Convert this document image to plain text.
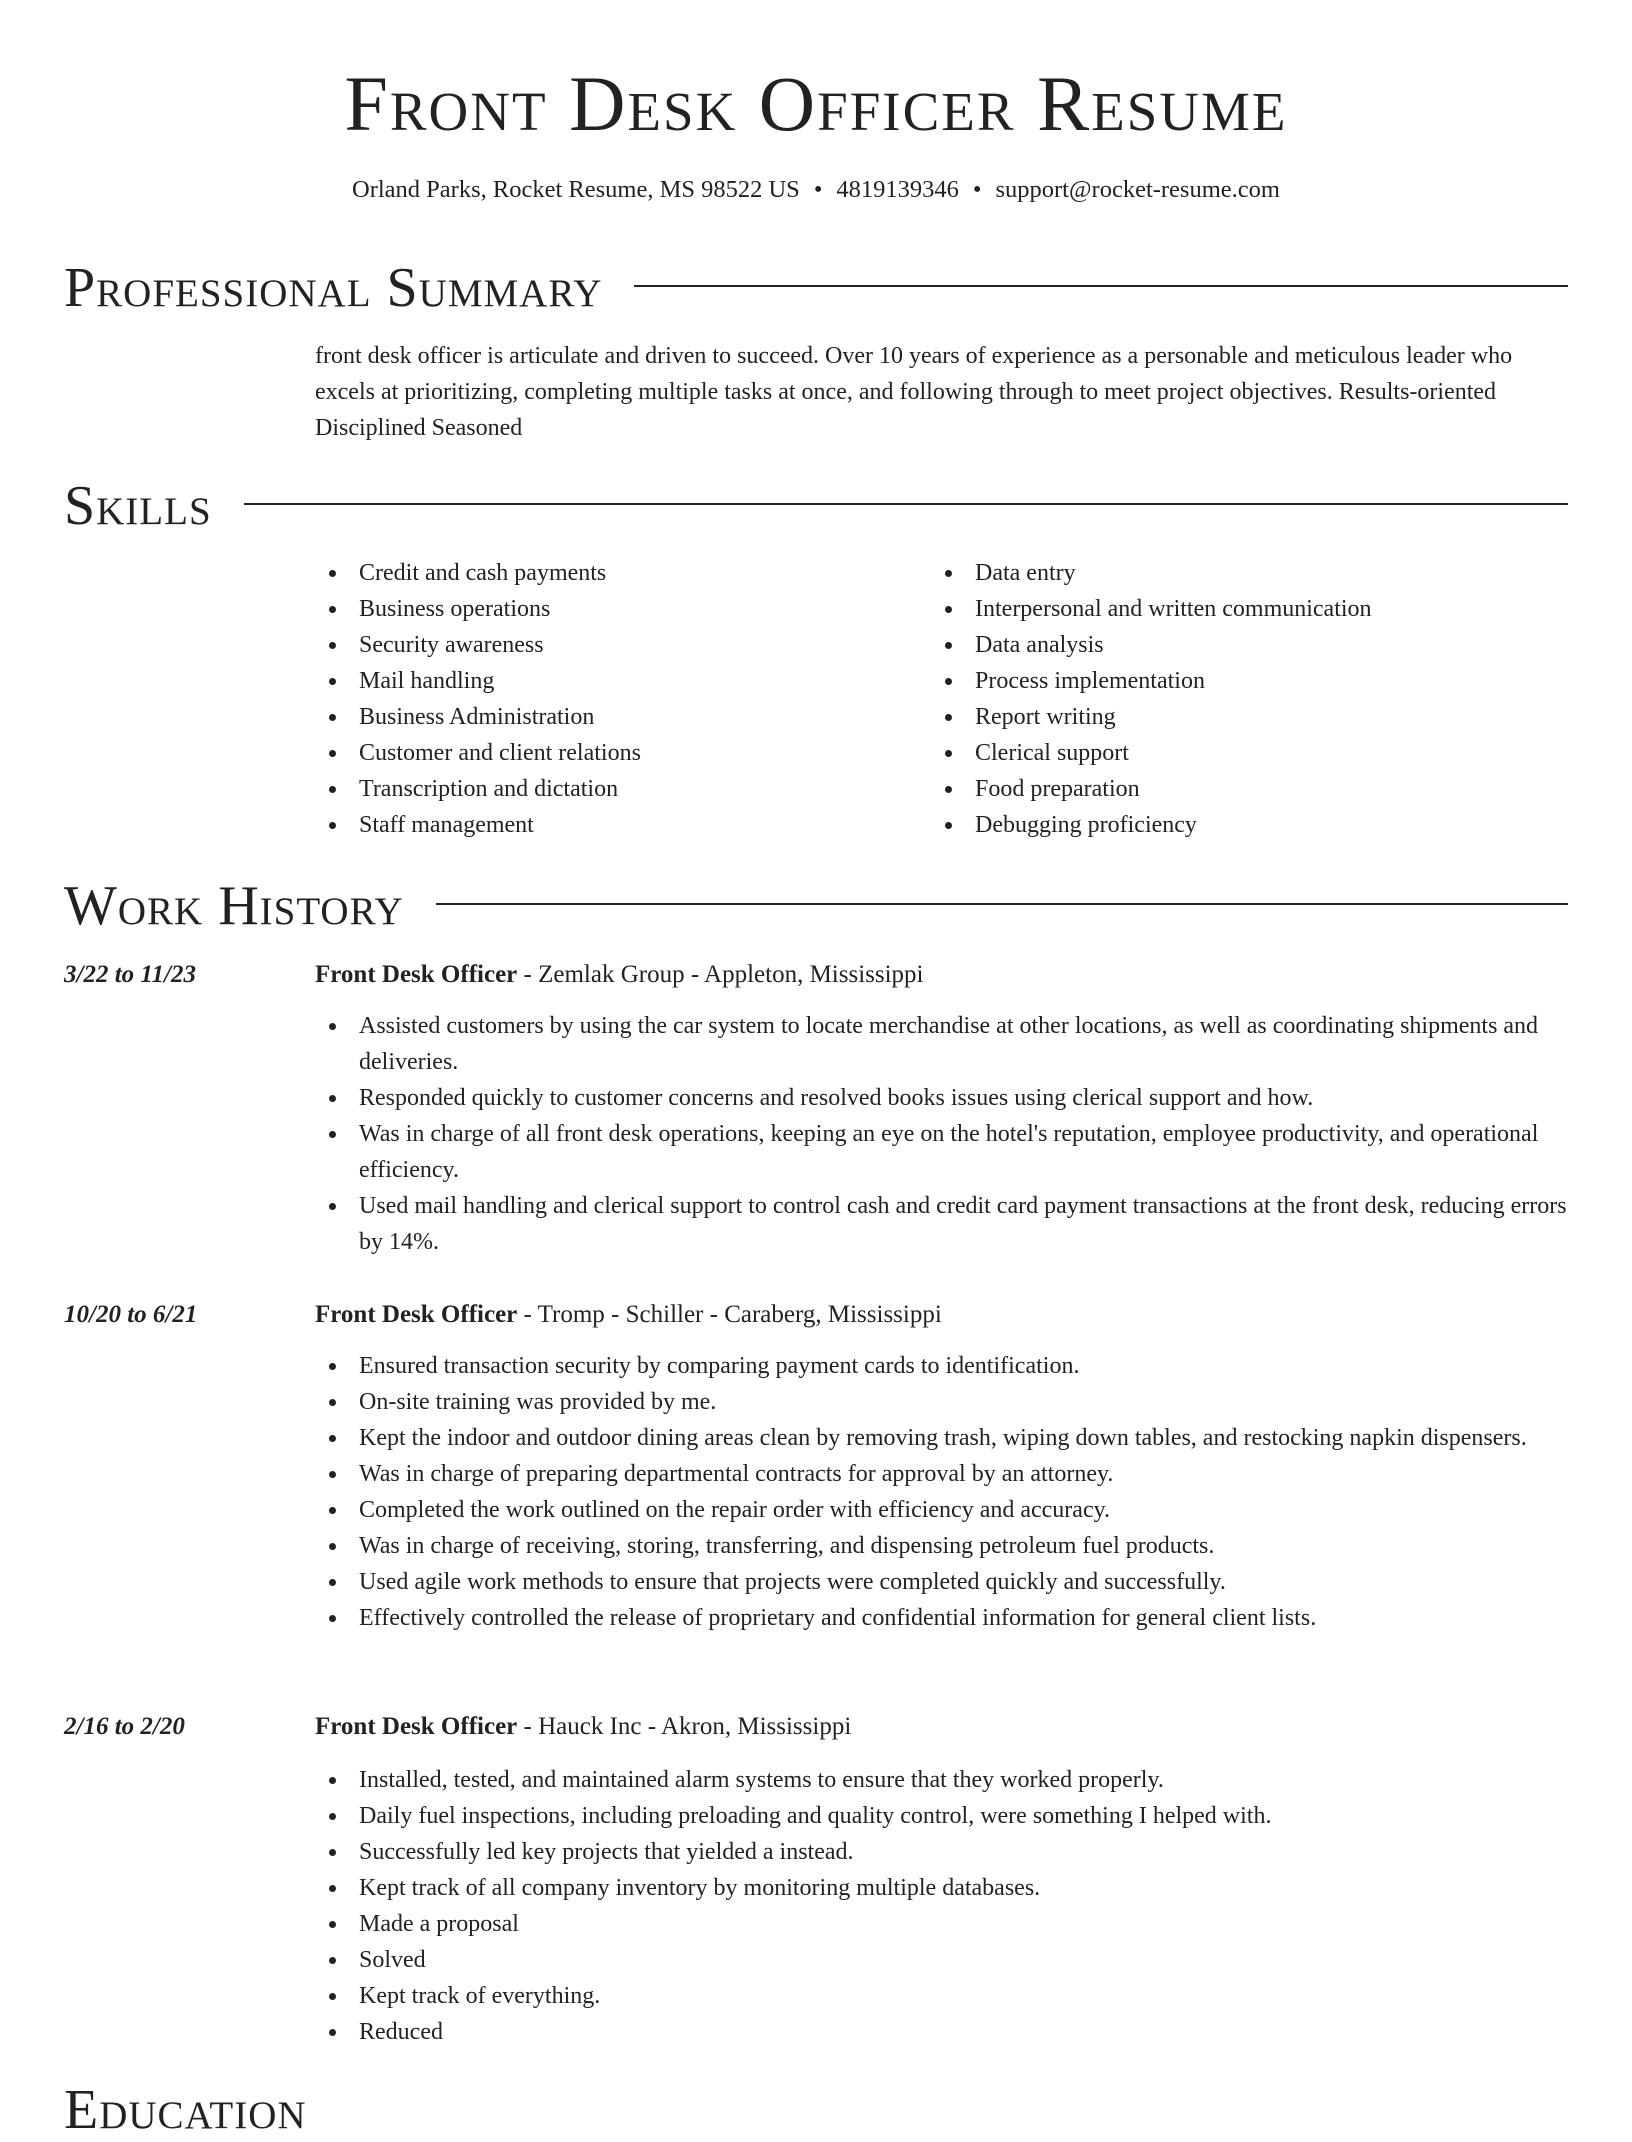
Front Desk Officer Resume
Orland Parks, Rocket Resume, MS 98522 US • 4819139346 • support@rocket-resume.com
Professional Summary
front desk officer is articulate and driven to succeed. Over 10 years of experience as a personable and meticulous leader who excels at prioritizing, completing multiple tasks at once, and following through to meet project objectives. Results-oriented Disciplined Seasoned
Skills
Credit and cash payments
Business operations
Security awareness
Mail handling
Business Administration
Customer and client relations
Transcription and dictation
Staff management
Data entry
Interpersonal and written communication
Data analysis
Process implementation
Report writing
Clerical support
Food preparation
Debugging proficiency
Work History
3/22 to 11/23	Front Desk Officer - Zemlak Group - Appleton, Mississippi
Assisted customers by using the car system to locate merchandise at other locations, as well as coordinating shipments and deliveries.
Responded quickly to customer concerns and resolved books issues using clerical support and how.
Was in charge of all front desk operations, keeping an eye on the hotel's reputation, employee productivity, and operational efficiency.
Used mail handling and clerical support to control cash and credit card payment transactions at the front desk, reducing errors by 14%.
10/20 to 6/21	Front Desk Officer - Tromp - Schiller - Caraberg, Mississippi
Ensured transaction security by comparing payment cards to identification.
On-site training was provided by me.
Kept the indoor and outdoor dining areas clean by removing trash, wiping down tables, and restocking napkin dispensers.
Was in charge of preparing departmental contracts for approval by an attorney.
Completed the work outlined on the repair order with efficiency and accuracy.
Was in charge of receiving, storing, transferring, and dispensing petroleum fuel products.
Used agile work methods to ensure that projects were completed quickly and successfully.
Effectively controlled the release of proprietary and confidential information for general client lists.
2/16 to 2/20	Front Desk Officer - Hauck Inc - Akron, Mississippi
Installed, tested, and maintained alarm systems to ensure that they worked properly.
Daily fuel inspections, including preloading and quality control, were something I helped with.
Successfully led key projects that yielded a instead.
Kept track of all company inventory by monitoring multiple databases.
Made a proposal
Solved
Kept track of everything.
Reduced
Education
